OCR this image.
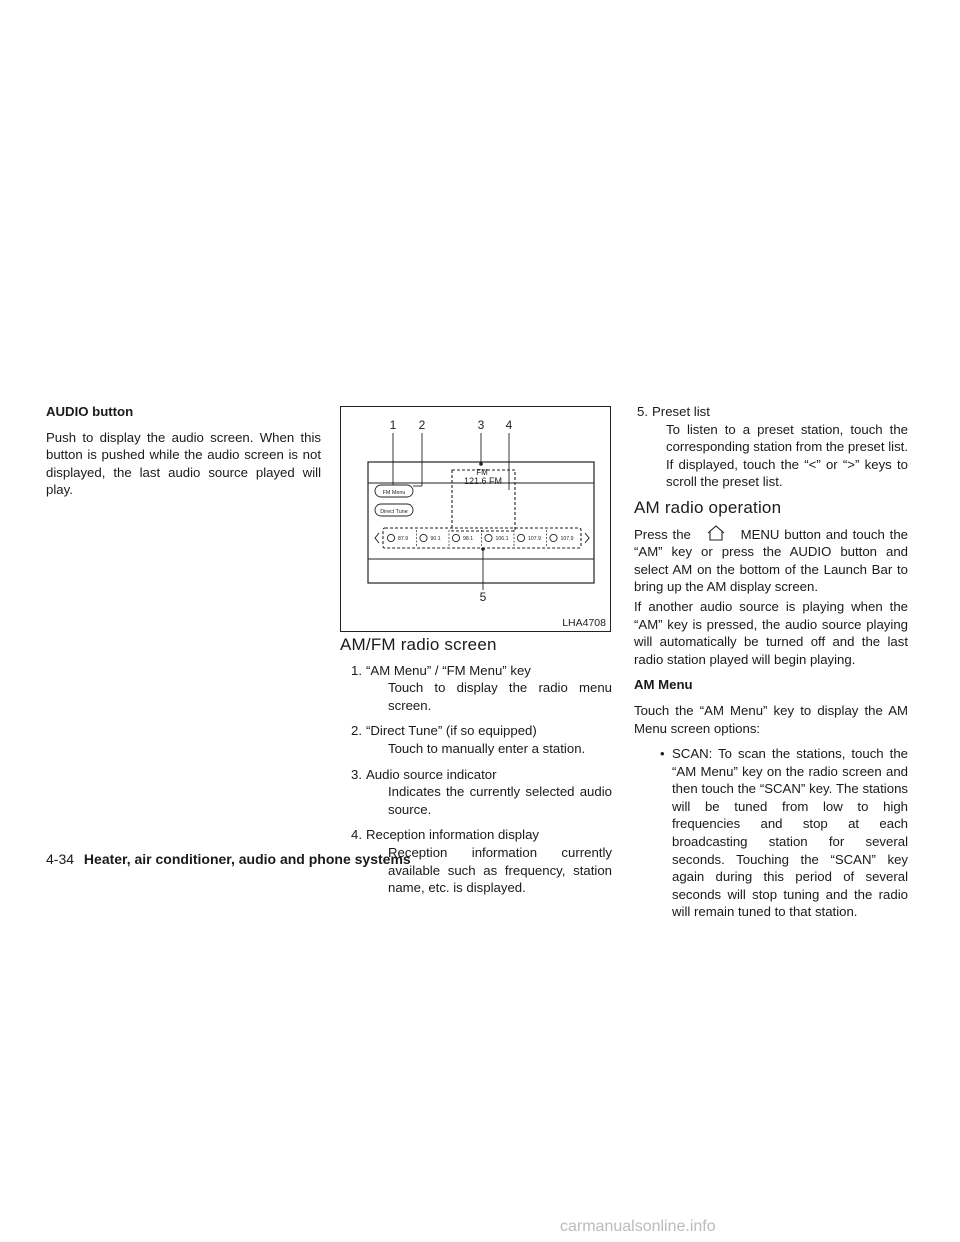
AUDIO button

Push to display the audio screen. When this button is pushed while the audio screen is not displayed, the last audio source played will play.

1 2	3 4
5
FM
FM Menu
Direct Tune
121.6 FM
87.9	90.1	98.1	106.1	107.9	107.9
LHA4708
AM/FM radio screen
1. “AM Menu” / “FM Menu” key
Touch to display the radio menu screen.
2. “Direct Tune” (if so equipped)
Touch to manually enter a station.
3. Audio source indicator
Indicates the currently selected audio source.
4. Reception information display
Reception information currently available such as frequency, station name, etc. is displayed.
5. Preset list
To listen to a preset station, touch the corresponding station from the preset list. If displayed, touch the “<” or “>” keys to scroll the preset list.
AM radio operation

Press the	MENU button and touch the “AM” key or press the AUDIO button and select AM on the bottom of the Launch Bar to bring up the AM display screen.

If another audio source is playing when the “AM” key is pressed, the audio source playing will automatically be turned off and the last radio station played will begin playing.

AM Menu

Touch the “AM Menu” key to display the AM Menu screen options:

• SCAN: To scan the stations, touch the “AM Menu” key on the radio screen and then touch the “SCAN” key. The stations will be tuned from low to high frequencies and stop at each broadcasting station for several seconds. Touching the “SCAN” key again during this period of several seconds will stop tuning and the radio will remain tuned to that station.
4-34 Heater, air conditioner, audio and phone systems
carmanualsonline.info
